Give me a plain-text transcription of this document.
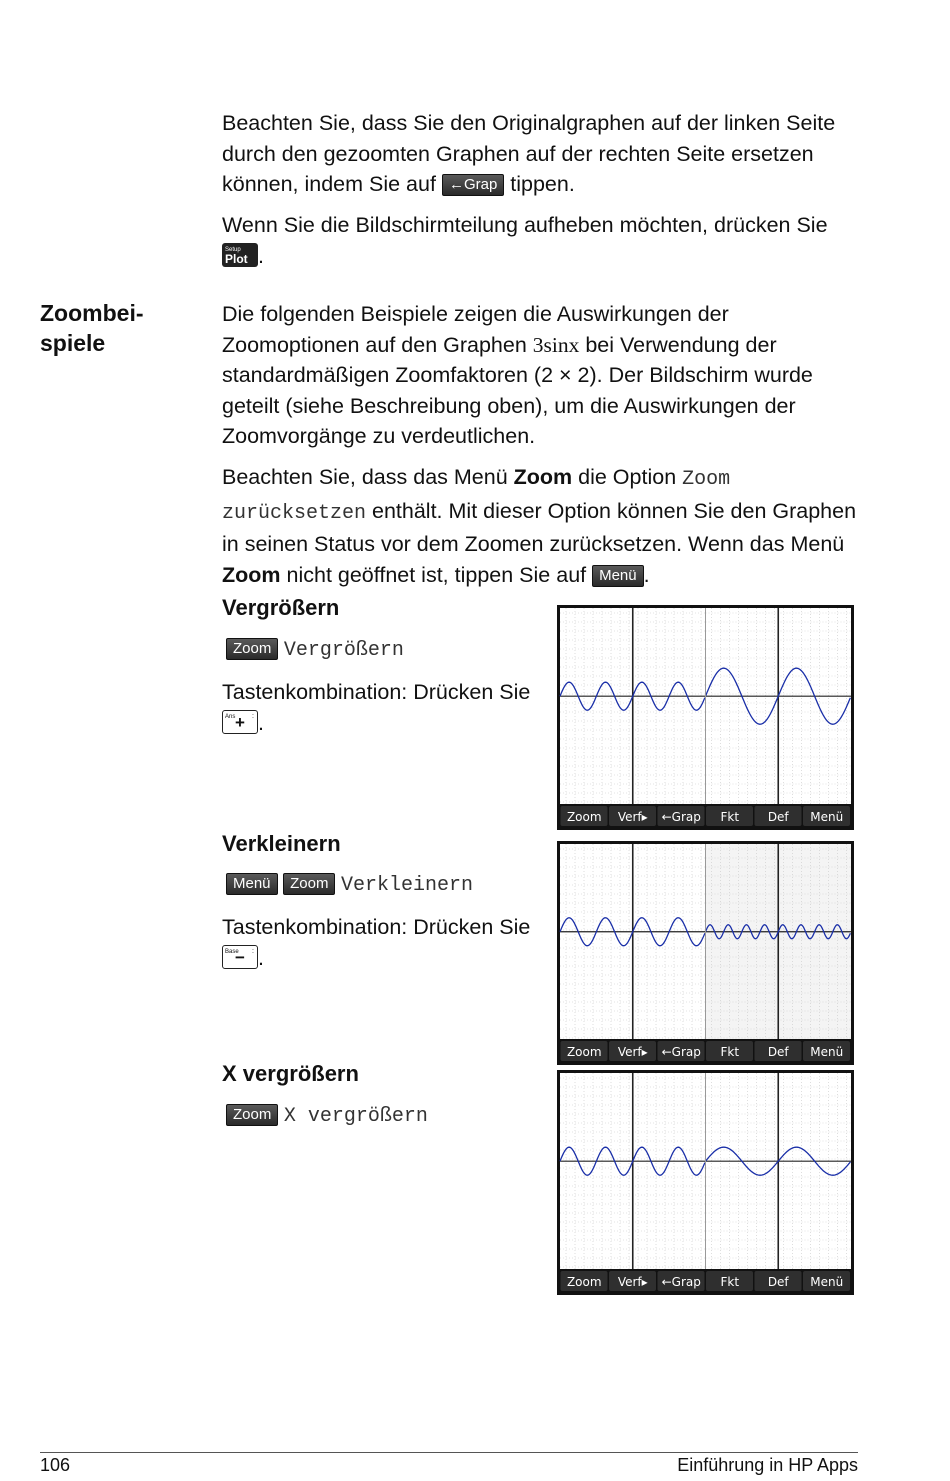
Beachten Sie, dass Sie den Originalgraphen auf der linken Seite durch den gezoomten Graphen auf der rechten Seite ersetzen können, indem Sie auf ←Grap tippen.

Wenn Sie die Bildschirmteilung aufheben möchten, drücken Sie
Plot
Setup .

Zoombei-
spiele

Die folgenden Beispiele zeigen die Auswirkungen der Zoomoptionen auf den Graphen 3sinx bei Verwendung der standardmäßigen Zoomfaktoren (2 × 2). Der Bildschirm wurde geteilt (siehe Beschreibung oben), um die Auswirkungen der Zoomvorgänge zu verdeutlichen.

Beachten Sie, dass das Menü Zoom die Option Zoom zurücksetzen enthält. Mit dieser Option können Sie den Graphen in seinen Status vor dem Zoomen zurücksetzen. Wenn das Menü Zoom nicht geöffnet ist, tippen Sie auf Menü .

Vergrößern
Zoom Vergrößern

Tastenkombination: Drücken Sie

+
Ans : .

Zoom Verf▸ ←Grap Fkt Def Menü
Verkleinern
Menü Zoom Verkleinern

Tastenkombination: Drücken Sie

−
Base : .

Zoom Verf▸ ←Grap Fkt Def Menü
X vergrößern
Zoom X vergrößern
Zoom Verf▸ ←Grap Fkt Def Menü
106	Einführung in HP Apps
